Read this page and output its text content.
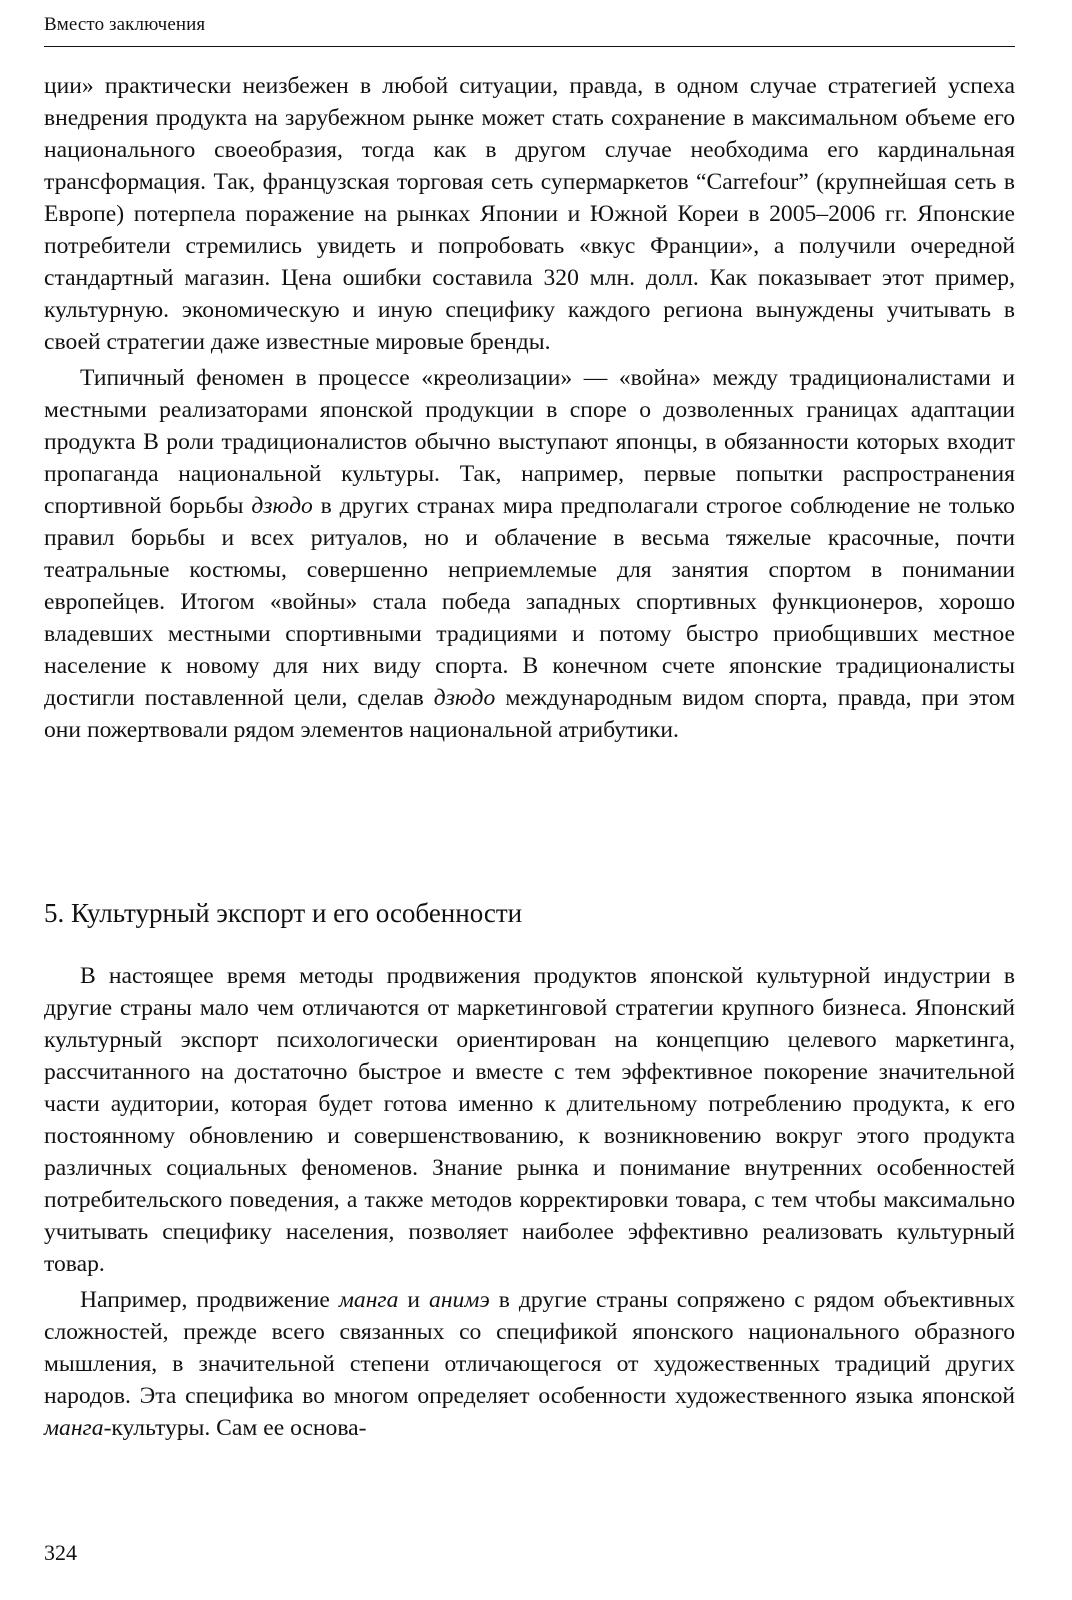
Вместо заключения

ции» практически неизбежен в любой ситуации, правда, в одном случае стратегией успеха внедрения продукта на зарубежном рынке может стать сохранение в максимальном объеме его национального своеобразия, тогда как в другом случае необходима его кардинальная трансформация. Так, французская торговая сеть супермаркетов “Carrefour” (крупнейшая сеть в Европе) потерпела поражение на рынках Японии и Южной Кореи в 2005–2006 гг. Японские потребители стремились увидеть и попробовать «вкус Франции», а получили очередной стандартный магазин. Цена ошибки составила 320 млн. долл. Как показывает этот пример, культурную. экономическую и иную специфику каждого региона вынуждены учитывать в своей стратегии даже известные мировые бренды.

Типичный феномен в процессе «креолизации» — «война» между традиционалистами и местными реализаторами японской продукции в споре о дозволенных границах адаптации продукта В роли традиционалистов обычно выступают японцы, в обязанности которых входит пропаганда национальной культуры. Так, например, первые попытки распространения спортивной борьбы дзюдо в других странах мира предполагали строгое соблюдение не только правил борьбы и всех ритуалов, но и облачение в весьма тяжелые красочные, почти театральные костюмы, совершенно неприемлемые для занятия спортом в понимании европейцев. Итогом «войны» стала победа западных спортивных функционеров, хорошо владевших местными спортивными традициями и потому быстро приобщивших местное население к новому для них виду спорта. В конечном счете японские традиционалисты достигли поставленной цели, сделав дзюдо международным видом спорта, правда, при этом они пожертвовали рядом элементов национальной атрибутики.

5. Культурный экспорт и его особенности

В настоящее время методы продвижения продуктов японской культурной индустрии в другие страны мало чем отличаются от маркетинговой стратегии крупного бизнеса. Японский культурный экспорт психологически ориентирован на концепцию целевого маркетинга, рассчитанного на достаточно быстрое и вместе с тем эффективное покорение значительной части аудитории, которая будет готова именно к длительному потреблению продукта, к его постоянному обновлению и совершенствованию, к возникновению вокруг этого продукта различных социальных феноменов. Знание рынка и понимание внутренних особенностей потребительского поведения, а также методов корректировки товара, с тем чтобы максимально учитывать специфику населения, позволяет наиболее эффективно реализовать культурный товар.

Например, продвижение манга и анимэ в другие страны сопряжено с рядом объективных сложностей, прежде всего связанных со спецификой японского национального образного мышления, в значительной степени отличающегося от художественных традиций других народов. Эта специфика во многом определяет особенности художественного языка японской манга-культуры. Сам ее основа-

324
